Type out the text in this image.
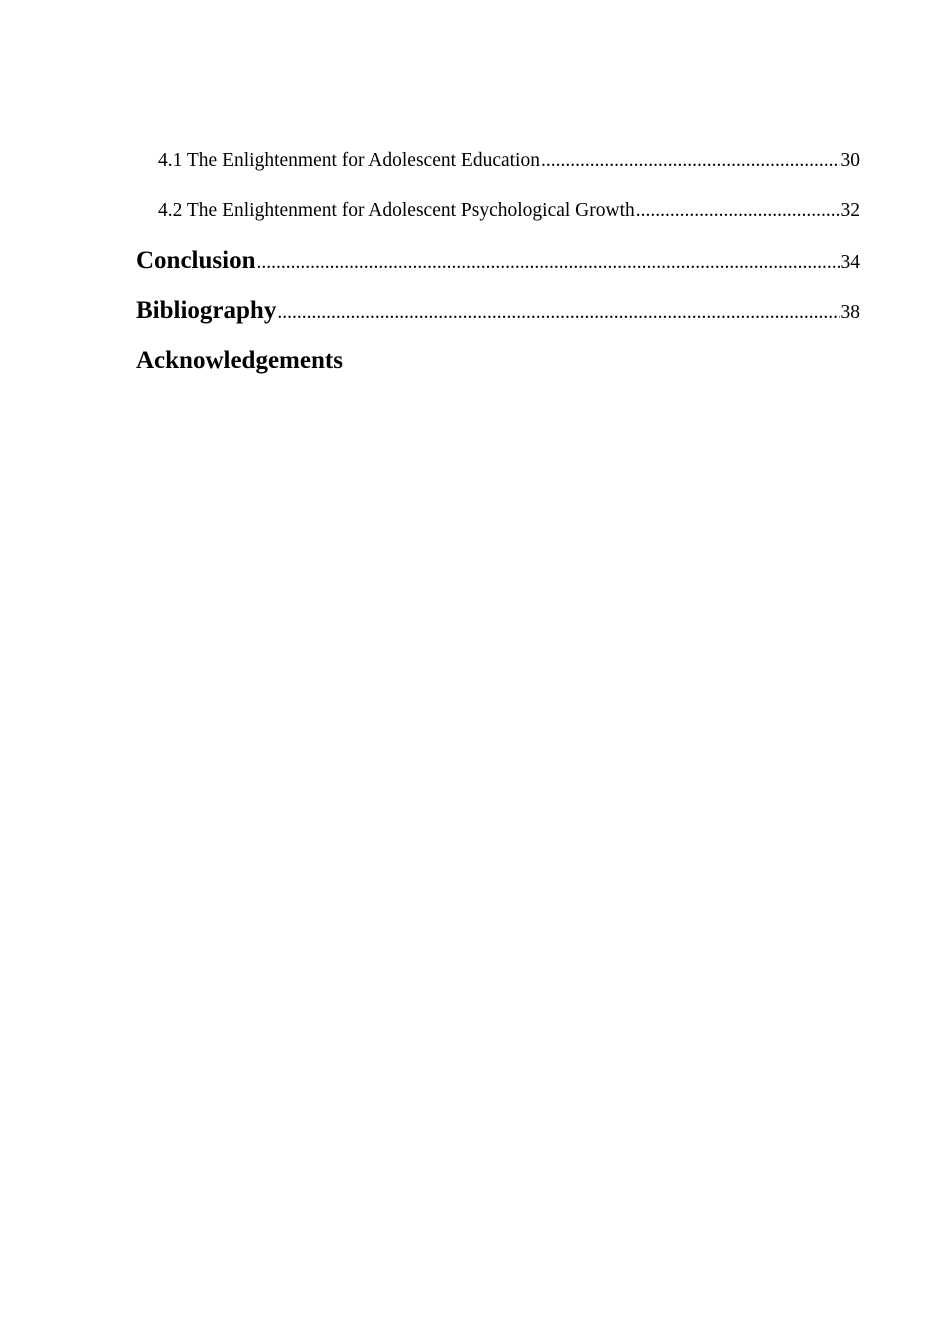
4.1 The Enlightenment for Adolescent Education .....	30
4.2 The Enlightenment for Adolescent Psychological Growth .....	32
Conclusion .....	34
Bibliography .....	38
Acknowledgements
